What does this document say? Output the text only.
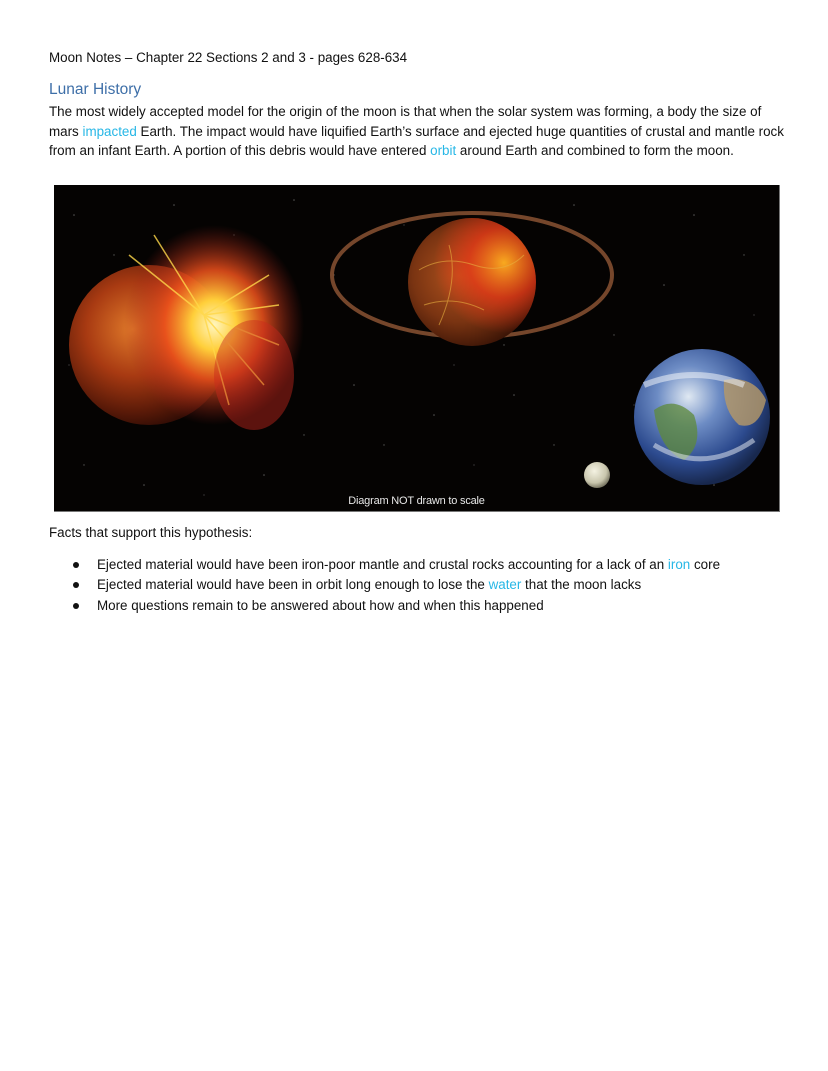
Moon Notes – Chapter 22 Sections 2 and 3 - pages 628-634
Lunar History

The most widely accepted model for the origin of the moon is that when the solar system was forming, a body the size of mars impacted Earth. The impact would have liquified Earth’s surface and ejected huge quantities of crustal and mantle rock from an infant Earth. A portion of this debris would have entered orbit around Earth and combined to form the moon.

Diagram NOT drawn to scale
Facts that support this hypothesis:
Ejected material would have been iron-poor mantle and crustal rocks accounting for a lack of an iron core
Ejected material would have been in orbit long enough to lose the water that the moon lacks
More questions remain to be answered about how and when this happened
